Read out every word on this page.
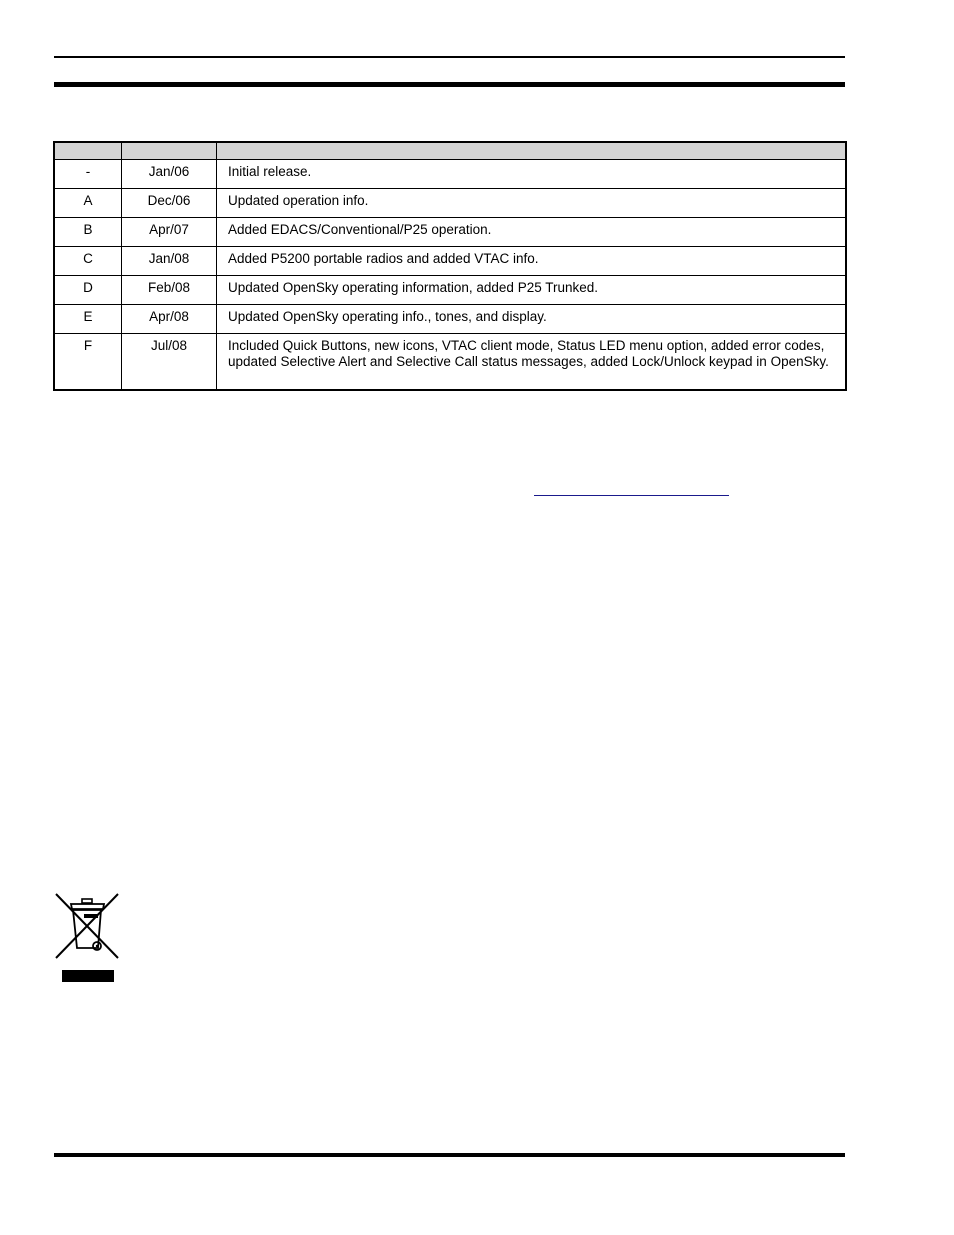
-	Jan/06	Initial release.
A	Dec/06	Updated operation info.
B	Apr/07	Added EDACS/Conventional/P25 operation.
C	Jan/08	Added P5200 portable radios and added VTAC info.
D	Feb/08	Updated OpenSky operating information, added P25 Trunked.
E	Apr/08	Updated OpenSky operating info., tones, and display.
F	Jul/08	Included Quick Buttons, new icons, VTAC client mode, Status LED menu option, added error codes, updated Selective Alert and Selective Call status messages, added Lock/Unlock keypad in OpenSky.
